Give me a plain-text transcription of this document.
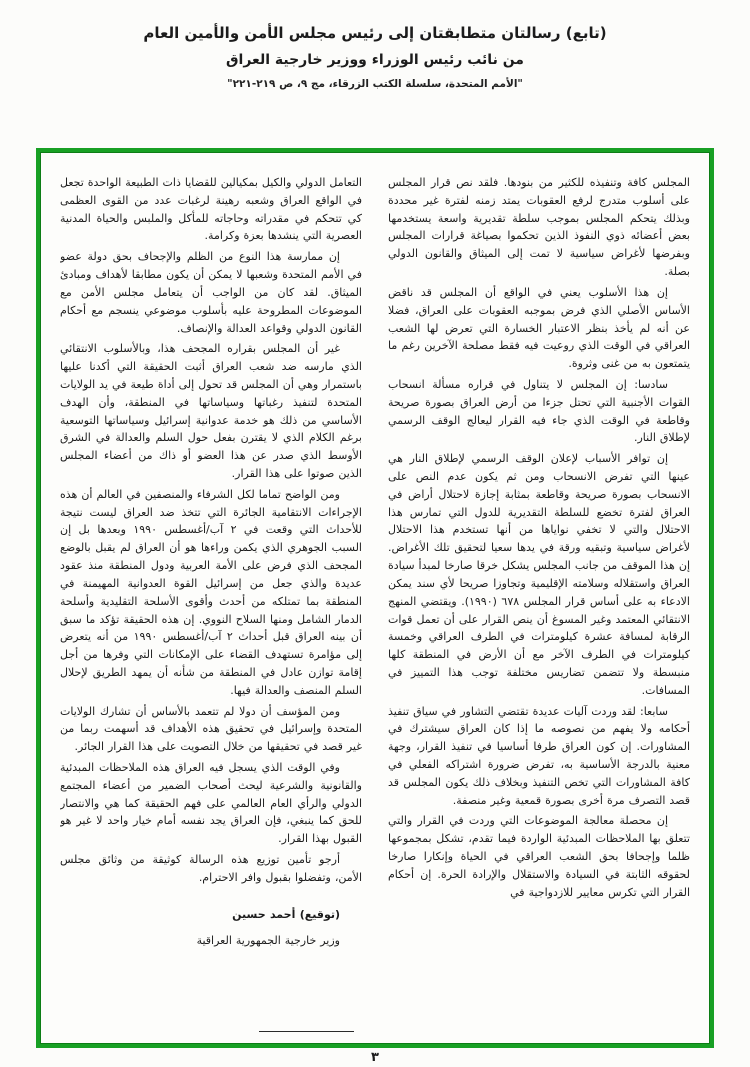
(تابع) رسالتان متطابقتان إلى رئيس مجلس الأمن والأمين العام
من نائب رئيس الوزراء ووزير خارجية العراق
"الأمم المتحدة، سلسلة الكتب الزرقاء، مج ٩، ص ٢١٩-٢٢١"

المجلس كافة وتنفيذه للكثير من بنودها. فلقد نص قرار المجلس على أسلوب متدرج لرفع العقوبات يمتد زمنه لفترة غير محددة وبذلك يتحكم المجلس بموجب سلطة تقديرية واسعة يستخدمها بعض أعضائه ذوي النفوذ الذين تحكموا بصياغة قرارات المجلس وبفرضها لأغراض سياسية لا تمت إلى الميثاق والقانون الدولي بصلة.

إن هذا الأسلوب يعني في الواقع أن المجلس قد ناقض الأساس الأصلي الذي فرض بموجبه العقوبات على العراق، فضلا عن أنه لم يأخذ بنظر الاعتبار الخسارة التي تعرض لها الشعب العراقي في الوقت الذي روعيت فيه فقط مصلحة الآخرين رغم ما يتمتعون به من غنى وثروة.

سادسا: إن المجلس لا يتناول في قراره مسألة انسحاب القوات الأجنبية التي تحتل جزءا من أرض العراق بصورة صريحة وقاطعة في الوقت الذي جاء فيه القرار ليعالج الوقف الرسمي لإطلاق النار.

إن توافر الأسباب لإعلان الوقف الرسمي لإطلاق النار هي عينها التي تفرض الانسحاب ومن ثم يكون عدم النص على الانسحاب بصورة صريحة وقاطعة بمثابة إجازة لاحتلال أراض في العراق لفترة تخضع للسلطة التقديرية للدول التي تمارس هذا الاحتلال والتي لا تخفي نواياها من أنها تستخدم هذا الاحتلال لأغراض سياسية وتبقيه ورقة في يدها سعيا لتحقيق تلك الأغراض. إن هذا الموقف من جانب المجلس يشكل خرقا صارخا لمبدأ سيادة العراق واستقلاله وسلامته الإقليمية وتجاوزا صريحا لأي سند يمكن الادعاء به على أساس قرار المجلس ٦٧٨ (١٩٩٠). ويقتضي المنهج الانتقائي المعتمد وغير المسوغ أن ينص القرار على أن تعمل قوات الرقابة لمسافة عشرة كيلومترات في الطرف العراقي وخمسة كيلومترات في الطرف الآخر مع أن الأرض في المنطقة كلها منبسطة ولا تتضمن تضاريس مختلفة توجب هذا التمييز في المسافات.

سابعا: لقد وردت آليات عديدة تقتضي التشاور في سياق تنفيذ أحكامه ولا يفهم من نصوصه ما إذا كان العراق سيشترك في المشاورات. إن كون العراق طرفا أساسيا في تنفيذ القرار، وجهة معنية بالدرجة الأساسية به، تفرض ضرورة اشتراكه الفعلي في كافة المشاورات التي تخص التنفيذ وبخلاف ذلك يكون المجلس قد قصد التصرف مرة أخرى بصورة قمعية وغير منصفة.

إن محصلة معالجة الموضوعات التي وردت في القرار والتي تتعلق بها الملاحظات المبدئية الواردة فيما تقدم، تشكل بمجموعها ظلما وإجحافا بحق الشعب العراقي في الحياة وإنكارا صارخا لحقوقه الثابتة في السيادة والاستقلال والإرادة الحرة. إن أحكام القرار التي تكرس معايير للازدواجية في

التعامل الدولي والكيل بمكيالين للقضايا ذات الطبيعة الواحدة تجعل في الواقع العراق وشعبه رهينة لرغبات عدد من القوى العظمى كي تتحكم في مقدراته وحاجاته للمأكل والملبس والحياة المدنية العصرية التي ينشدها بعزة وكرامة.

إن ممارسة هذا النوع من الظلم والإجحاف بحق دولة عضو في الأمم المتحدة وشعبها لا يمكن أن يكون مطابقا لأهداف ومبادئ الميثاق. لقد كان من الواجب أن يتعامل مجلس الأمن مع الموضوعات المطروحة عليه بأسلوب موضوعي ينسجم مع أحكام القانون الدولي وقواعد العدالة والإنصاف.

غير أن المجلس بقراره المجحف هذا، وبالأسلوب الانتقائي الذي مارسه ضد شعب العراق أثبت الحقيقة التي أكدنا عليها باستمرار وهي أن المجلس قد تحول إلى أداة طيعة في يد الولايات المتحدة لتنفيذ رغباتها وسياساتها في المنطقة، وأن الهدف الأساسي من ذلك هو خدمة عدوانية إسرائيل وسياساتها التوسعية برغم الكلام الذي لا يقترن بفعل حول السلم والعدالة في الشرق الأوسط الذي صدر عن هذا العضو أو ذاك من أعضاء المجلس الذين صوتوا على هذا القرار.

ومن الواضح تماما لكل الشرفاء والمنصفين في العالم أن هذه الإجراءات الانتقامية الجائرة التي تتخذ ضد العراق ليست نتيجة للأحداث التي وقعت في ٢ آب/أغسطس ١٩٩٠ وبعدها بل إن السبب الجوهري الذي يكمن وراءها هو أن العراق لم يقبل بالوضع المجحف الذي فرض على الأمة العربية ودول المنطقة منذ عقود عديدة والذي جعل من إسرائيل القوة العدوانية المهيمنة في المنطقة بما تمتلكه من أحدث وأقوى الأسلحة التقليدية وأسلحة الدمار الشامل ومنها السلاح النووي. إن هذه الحقيقة تؤكد ما سبق أن بينه العراق قبل أحداث ٢ آب/أغسطس ١٩٩٠ من أنه يتعرض إلى مؤامرة تستهدف القضاء على الإمكانات التي وفرها من أجل إقامة توازن عادل في المنطقة من شأنه أن يمهد الطريق لإحلال السلم المنصف والعدالة فيها.

ومن المؤسف أن دولا لم تتعمد بالأساس أن تشارك الولايات المتحدة وإسرائيل في تحقيق هذه الأهداف قد أسهمت ربما من غير قصد في تحقيقها من خلال التصويت على هذا القرار الجائر.

وفي الوقت الذي يسجل فيه العراق هذه الملاحظات المبدئية والقانونية والشرعية ليحث أصحاب الضمير من أعضاء المجتمع الدولي والرأي العام العالمي على فهم الحقيقة كما هي والانتصار للحق كما ينبغي، فإن العراق يجد نفسه أمام خيار واحد لا غير هو القبول بهذا القرار.

أرجو تأمين توزيع هذه الرسالة كوثيقة من وثائق مجلس الأمن، وتفضلوا بقبول وافر الاحترام.

(توقيع) أحمد حسين

وزير خارجية الجمهورية العراقية

٣
